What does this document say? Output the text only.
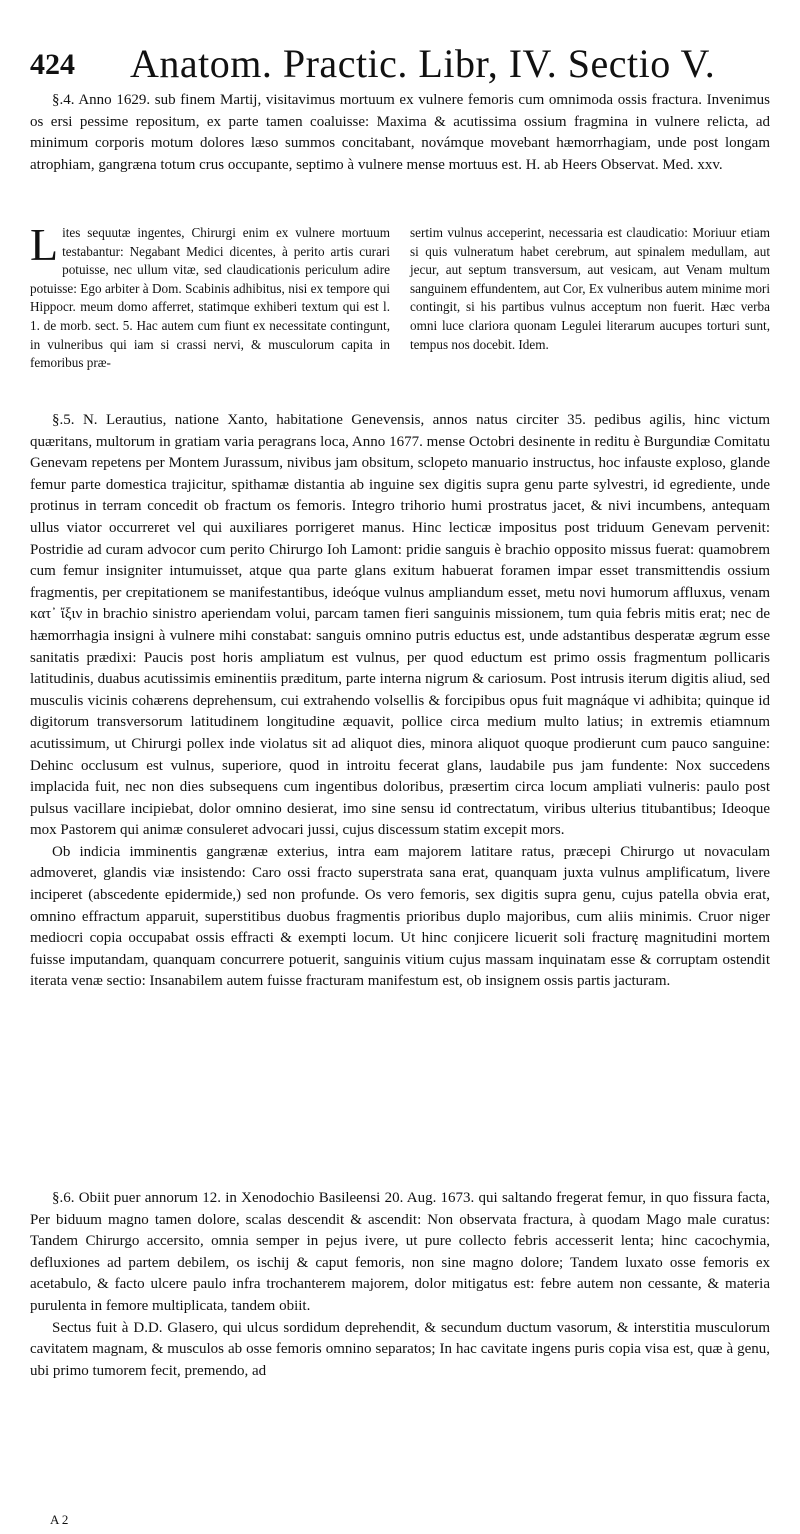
424 Anatom. Practic. Libr, IV. Sectio V.

§.4. Anno 1629. sub finem Martij, visitavimus mortuum ex vulnere femoris cum omnimoda ossis fractura. Invenimus os ersi pessime repositum, ex parte tamen coaluisse: Maxima & acutissima ossium fragmina in vulnere relicta, ad minimum corporis motum dolores læso summos concitabant, novámque movebant hæmorrhagiam, unde post longam atrophiam, gangræna totum crus occupante, septimo à vulnere mense mortuus est. H. ab Heers Observat. Med. xxv.

Lites sequutæ ingentes, Chirurgi enim ex vulnere mortuum testabantur: Negabant Medici dicentes, à perito artis curari potuisse, nec ullum vitæ, sed claudicationis periculum adire potuisse: Ego arbiter à Dom. Scabinis adhibitus, nisi ex tempore qui Hippocr. meum domo afferret, statimque exhiberi textum qui est l. 1. de morb. sect. 5. Hac autem cum fiunt ex necessitate contingunt, in vulneribus qui iam si crassi nervi, & musculorum capita in femoribus præ-

sertim vulnus acceperint, necessaria est claudicatio: Moriuur etiam si quis vulneratum habet cerebrum, aut spinalem medullam, aut jecur, aut septum transversum, aut vesicam, aut Venam multum sanguinem effundentem, aut Cor, Ex vulneribus autem minime mori contingit, si his partibus vulnus acceptum non fuerit. Hæc verba omni luce clariora quonam Legulei literarum aucupes torturi sunt, tempus nos docebit. Idem.

§.5. N. Lerautius, natione Xanto, habitatione Genevensis, annos natus circiter 35. pedibus agilis, hinc victum quæritans, multorum in gratiam varia peragrans loca, Anno 1677. mense Octobri desinente in reditu è Burgundiæ Comitatu Genevam repetens per Montem Jurassum, nivibus jam obsitum, sclopeto manuario instructus, hoc infauste exploso, glande femur parte domestica trajicitur, spithamæ distantia ab inguine sex digitis supra genu parte sylvestri, id egrediente, unde protinus in terram concedit ob fractum os femoris. Integro trihorio humi prostratus jacet, & nivi incumbens, antequam ullus viator occurreret vel qui auxiliares porrigeret manus. Hinc lecticæ impositus post triduum Genevam pervenit: Postridie ad curam advocor cum perito Chirurgo Ioh Lamont: pridie sanguis è brachio opposito missus fuerat: quamobrem cum femur insigniter intumuisset, atque qua parte glans exitum habuerat foramen impar esset transmittendis ossium fragmentis, per crepitationem se manifestantibus, ideóque vulnus ampliandum esset, metu novi humorum affluxus, venam κατ᾽ ἴξιν in brachio sinistro aperiendam volui, parcam tamen fieri sanguinis missionem, tum quia febris mitis erat; nec de hæmorrhagia insigni à vulnere mihi constabat: sanguis omnino putris eductus est, unde adstantibus desperatæ ægrum esse sanitatis prædixi: Paucis post horis ampliatum est vulnus, per quod eductum est primo ossis fragmentum pollicaris latitudinis, duabus acutissimis eminentiis præditum, parte interna nigrum & cariosum. Post intrusis iterum digitis aliud, sed musculis vicinis cohærens deprehensum, cui extrahendo volsellis & forcipibus opus fuit magnáque vi adhibita; quinque id digitorum transversorum latitudinem longitudine æquavit, pollice circa medium multo latius; in extremis etiamnum acutissimum, ut Chirurgi pollex inde violatus sit ad aliquot dies, minora aliquot quoque prodierunt cum pauco sanguine: Dehinc occlusum est vulnus, superiore, quod in introitu fecerat glans, laudabile pus jam fundente: Nox succedens implacida fuit, nec non dies subsequens cum ingentibus doloribus, præsertim circa locum ampliati vulneris: paulo post pulsus vacillare incipiebat, dolor omnino desierat, imo sine sensu id contrectatum, viribus ulterius titubantibus; Ideoque mox Pastorem qui animæ consuleret advocari jussi, cujus discessum statim excepit mors.

Ob indicia imminentis gangrænæ exterius, intra eam majorem latitare ratus, præcepi Chirurgo ut novaculam admoveret, glandis viæ insistendo: Caro ossi fracto superstrata sana erat, quanquam juxta vulnus amplificatum, livere inciperet (abscedente epidermide,) sed non profunde. Os vero femoris, sex digitis supra genu, cujus patella obvia erat, omnino effractum apparuit, superstitibus duobus fragmentis prioribus duplo majoribus, cum aliis minimis. Cruor niger mediocri copia occupabat ossis effracti & exempti locum. Ut hinc conjicere licuerit soli fracturę magnitudini mortem fuisse imputandam, quanquam concurrere potuerit, sanguinis vitium cujus massam inquinatam esse & corruptam ostendit iterata venæ sectio: Insanabilem autem fuisse fracturam manifestum est, ob insignem ossis partis jacturam.

§.6. Obiit puer annorum 12. in Xenodochio Basileensi 20. Aug. 1673. qui saltando fregerat femur, in quo fissura facta, Per biduum magno tamen dolore, scalas descendit & ascendit: Non observata fractura, à quodam Mago male curatus: Tandem Chirurgo accersito, omnia semper in pejus ivere, ut pure collecto febris accesserit lenta; hinc cacochymia, defluxiones ad partem debilem, os ischij & caput femoris, non sine magno dolore; Tandem luxato osse femoris ex acetabulo, & facto ulcere paulo infra trochanterem majorem, dolor mitigatus est: febre autem non cessante, & materia purulenta in femore multiplicata, tandem obiit.

Sectus fuit à D.D. Glasero, qui ulcus sordidum deprehendit, & secundum ductum vasorum, & interstitia musculorum cavitatem magnam, & musculos ab osse femoris omnino separatos; In hac cavitate ingens puris copia visa est, quæ à genu, ubi primo tumorem fecit, premendo, ad

A 2
